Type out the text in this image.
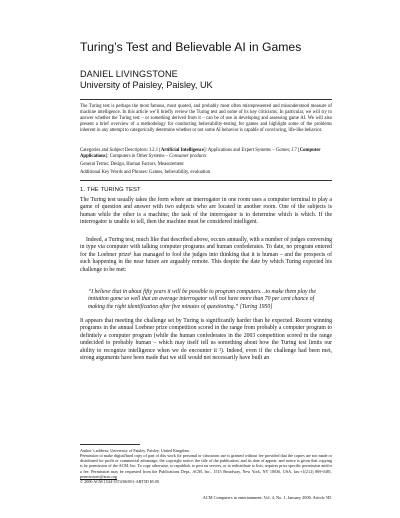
Turing’s Test and Believable AI in Games
DANIEL LIVINGSTONE
University of Paisley, Paisley, UK
The Turing test is perhaps the most famous, most quoted, and probably most often misrepresented and misunderstood measure of machine intelligence. In this article we’ll briefly review the Turing test and some of its key criticisms. In particular, we will try to answer whether the Turing test – or something derived from it – can be of use in developing and assessing game AI. We will also present a brief overview of a methodology for conducting believability-testing for games and highlight some of the problems inherent in any attempt to categorically determine whether or not some AI behavior is capable of convincing, life-like behavior.
Categories and Subject Descriptors: I.2.1 [Artificial Intelligence]: Applications and Expert Systems – Games; J.7 [Computer Applications]: Computers in Other Systems – Consumer products
General Terms: Design, Human Factors, Measurement
Additional Key Words and Phrases: Games, believability, evaluation
1. THE TURING TEST

The Turing test usually takes the form where an interrogator in one room uses a computer terminal to play a game of question and answer with two subjects who are located in another room. One of the subjects is human while the other is a machine; the task of the interrogator is to determine which is which. If the interrogator is unable to tell, then the machine must be considered intelligent.

Indeed, a Turing test, much like that described above, occurs annually, with a number of judges conversing in type via computer with talking computer programs and human confederates. To date, no program entered for the Loebner prize¹ has managed to fool the judges into thinking that it is human – and the prospects of such happening in the near future are arguably remote. This despite the date by which Turing expected his challenge to be met:

“I believe that in about fifty years it will be possible to program computers…to make them play the imitation game so well that an average interrogator will not have more than 70 per cent chance of making the right identification after five minutes of questioning.” [Turing 1950]

It appears that meeting the challenge set by Turing is significantly harder than he expected. Recent winning programs in the annual Loebner prize competition scored in the range from probably a computer program to definitely a computer program (while the human confederates in the 2003 competition scored in the range undecided to probably human – which may itself tell us something about how the Turing test limits our ability to recognize intelligence when we do encounter it ²). Indeed, even if the challenge had been met, strong arguments have been made that we still would not necessarily have built an

Author’s address: University of Paisley, Paisley, United Kingdom.
Permission to make digital/hard copy of part of this work for personal or classroom use is granted without fee provided that the copies are not made or distributed for profit or commercial advantage, the copyright notice, the title of the publication, and its date of appear, and notice is given that copying is by permission of the ACM, Inc. To copy otherwise, to republish, to post on servers, or to redistribute to lists, requires prior specific permission and/or a fee. Permission may be requested from the Publications Dept., ACM, Inc., 1515 Broadway, New York, NY 10036, USA, fax:+1(212) 869-0481, permissions@acm.org
© 2006 ACM 1544-3574/06/001-ART5D $5.00
ACM Computers in entertainment, Vol. 4, No. 1, January 2006. Article 5D.
